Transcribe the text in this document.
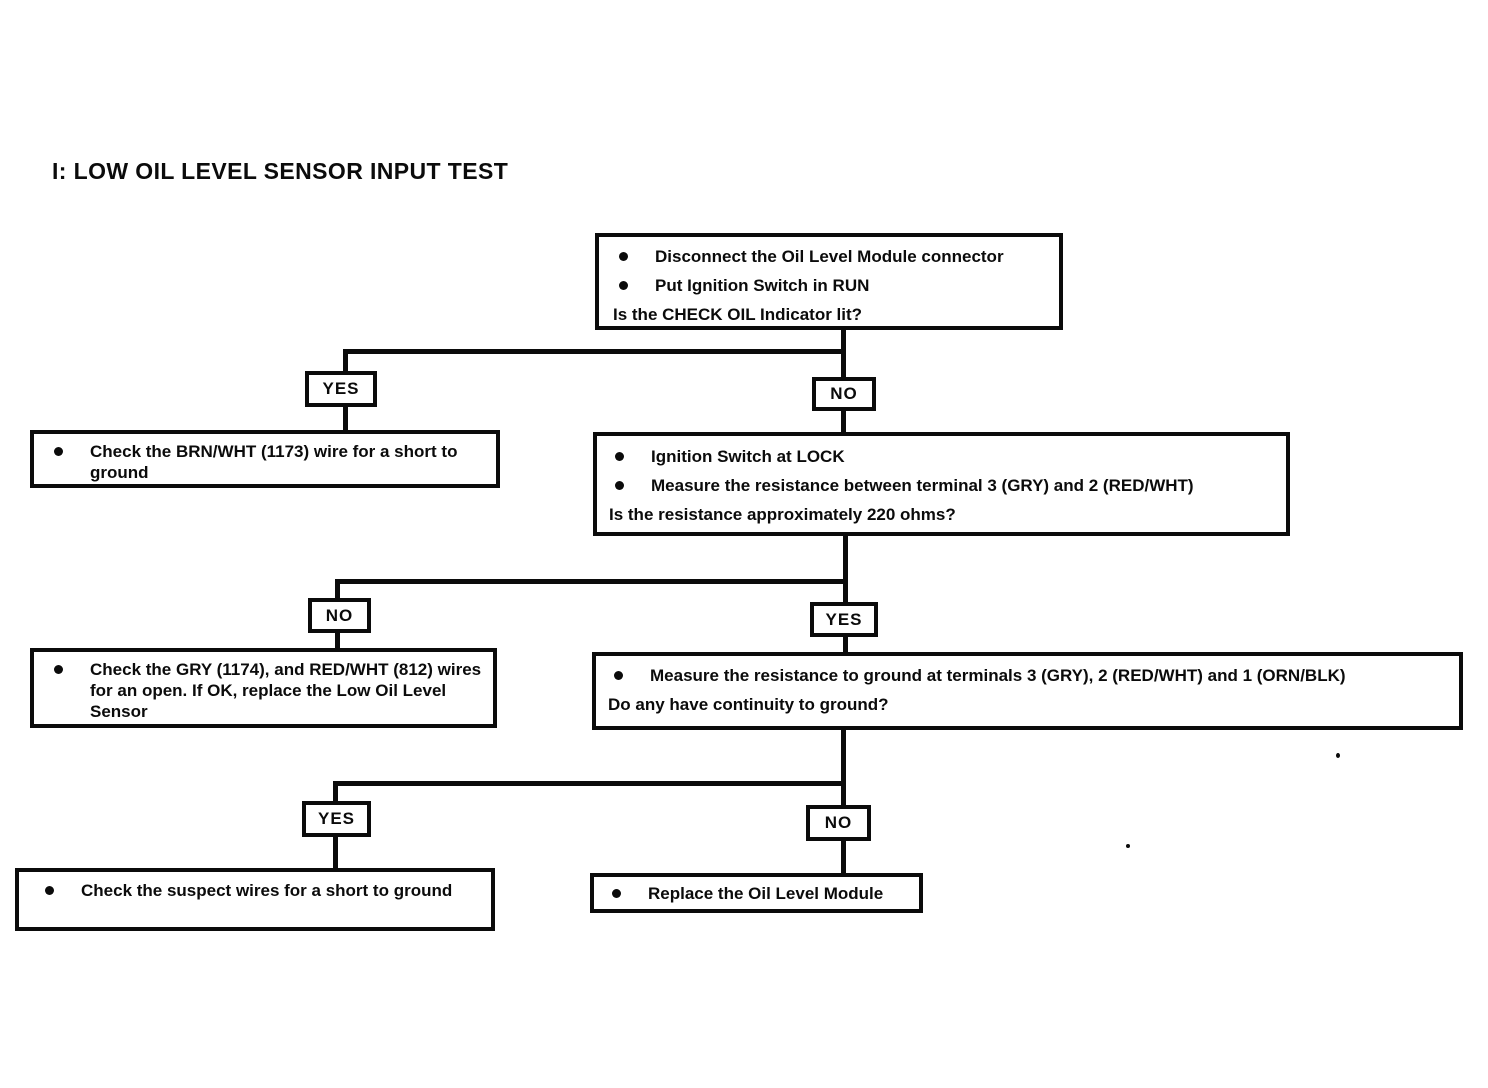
I: LOW OIL LEVEL SENSOR INPUT TEST
Disconnect the Oil Level Module connector
Put Ignition Switch in RUN
Is the CHECK OIL Indicator lit?
YES	NO
Check the BRN/WHT (1173) wire for a short to ground
Ignition Switch at LOCK
Measure the resistance between terminal 3 (GRY) and 2 (RED/WHT)
Is the resistance approximately 220 ohms?
NO	YES
Check the GRY (1174), and RED/WHT (812) wires for an open. If OK, replace the Low Oil Level Sensor
Measure the resistance to ground at terminals 3 (GRY), 2 (RED/WHT) and 1 (ORN/BLK)
Do any have continuity to ground?
YES	NO
Check the suspect wires for a short to ground	Replace the Oil Level Module
